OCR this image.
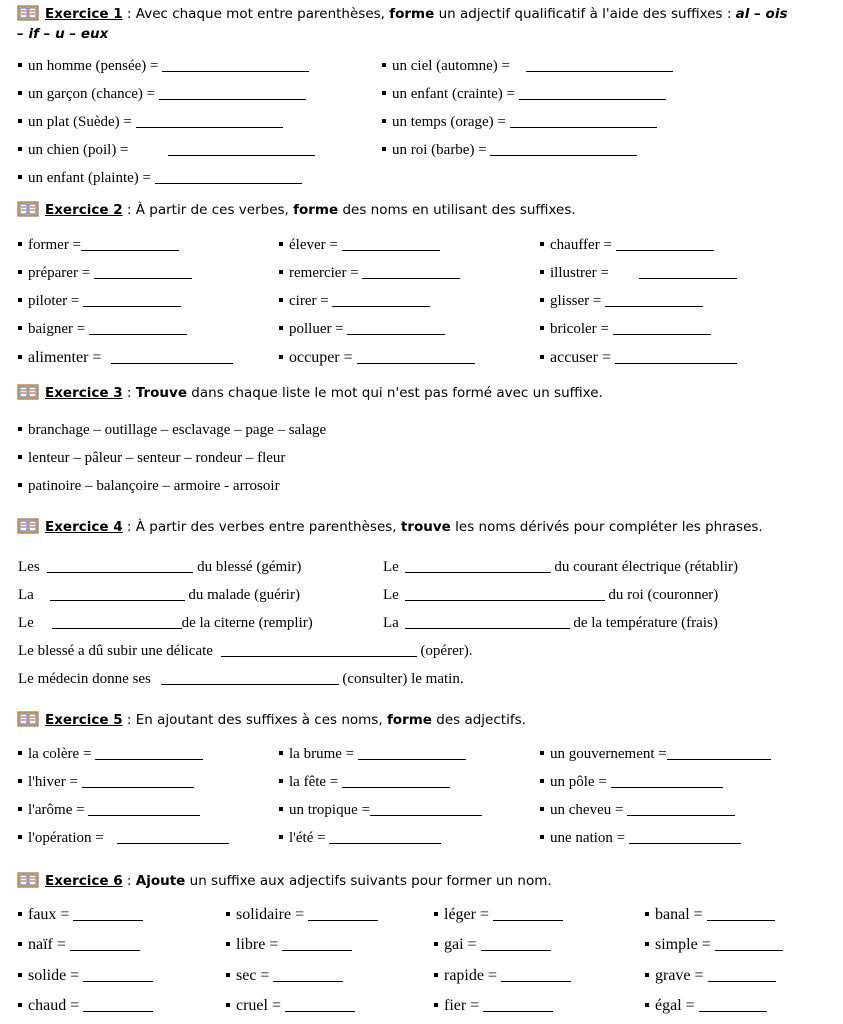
Exercice 1 : Avec chaque mot entre parenthèses, forme un adjectif qualificatif à l'aide des suffixes : al – ois
– if – u – eux
un homme (pensée) =	un ciel (automne) =
un garçon (chance) =	un enfant (crainte) =
un plat (Suède) =	un temps (orage) =
un chien (poil) =	un roi (barbe) =
un enfant (plainte) =
Exercice 2 : À partir de ces verbes, forme des noms en utilisant des suffixes.
former =	élever =	chauffer =
préparer =	remercier =	illustrer =
piloter =	cirer =	glisser =
baigner =	polluer =	bricoler =
alimenter =	occuper =	accuser =
Exercice 3 : Trouve dans chaque liste le mot qui n'est pas formé avec un suffixe.
branchage – outillage – esclavage – page – salage
lenteur – pâleur – senteur – rondeur – fleur
patinoire – balançoire – armoire - arrosoir
Exercice 4 : À partir des verbes entre parenthèses, trouve les noms dérivés pour compléter les phrases.
Les	du blessé (gémir)	Le	du courant électrique (rétablir)
La	du malade (guérir)	Le	du roi (couronner)
Le	de la citerne (remplir)	La	de la température (frais)
Le blessé a dû subir une délicate	(opérer).
Le médecin donne ses	(consulter) le matin.
Exercice 5 : En ajoutant des suffixes à ces noms, forme des adjectifs.
la colère =	la brume =	un gouvernement =
l'hiver =	la fête =	un pôle =
l'arôme =	un tropique =	un cheveu =
l'opération =	l'été =	une nation =
Exercice 6 : Ajoute un suffixe aux adjectifs suivants pour former un nom.
faux =	solidaire =	léger =	banal =
naïf =	libre =	gai =	simple =
solide =	sec =	rapide =	grave =
chaud =	cruel =	fier =	égal =
